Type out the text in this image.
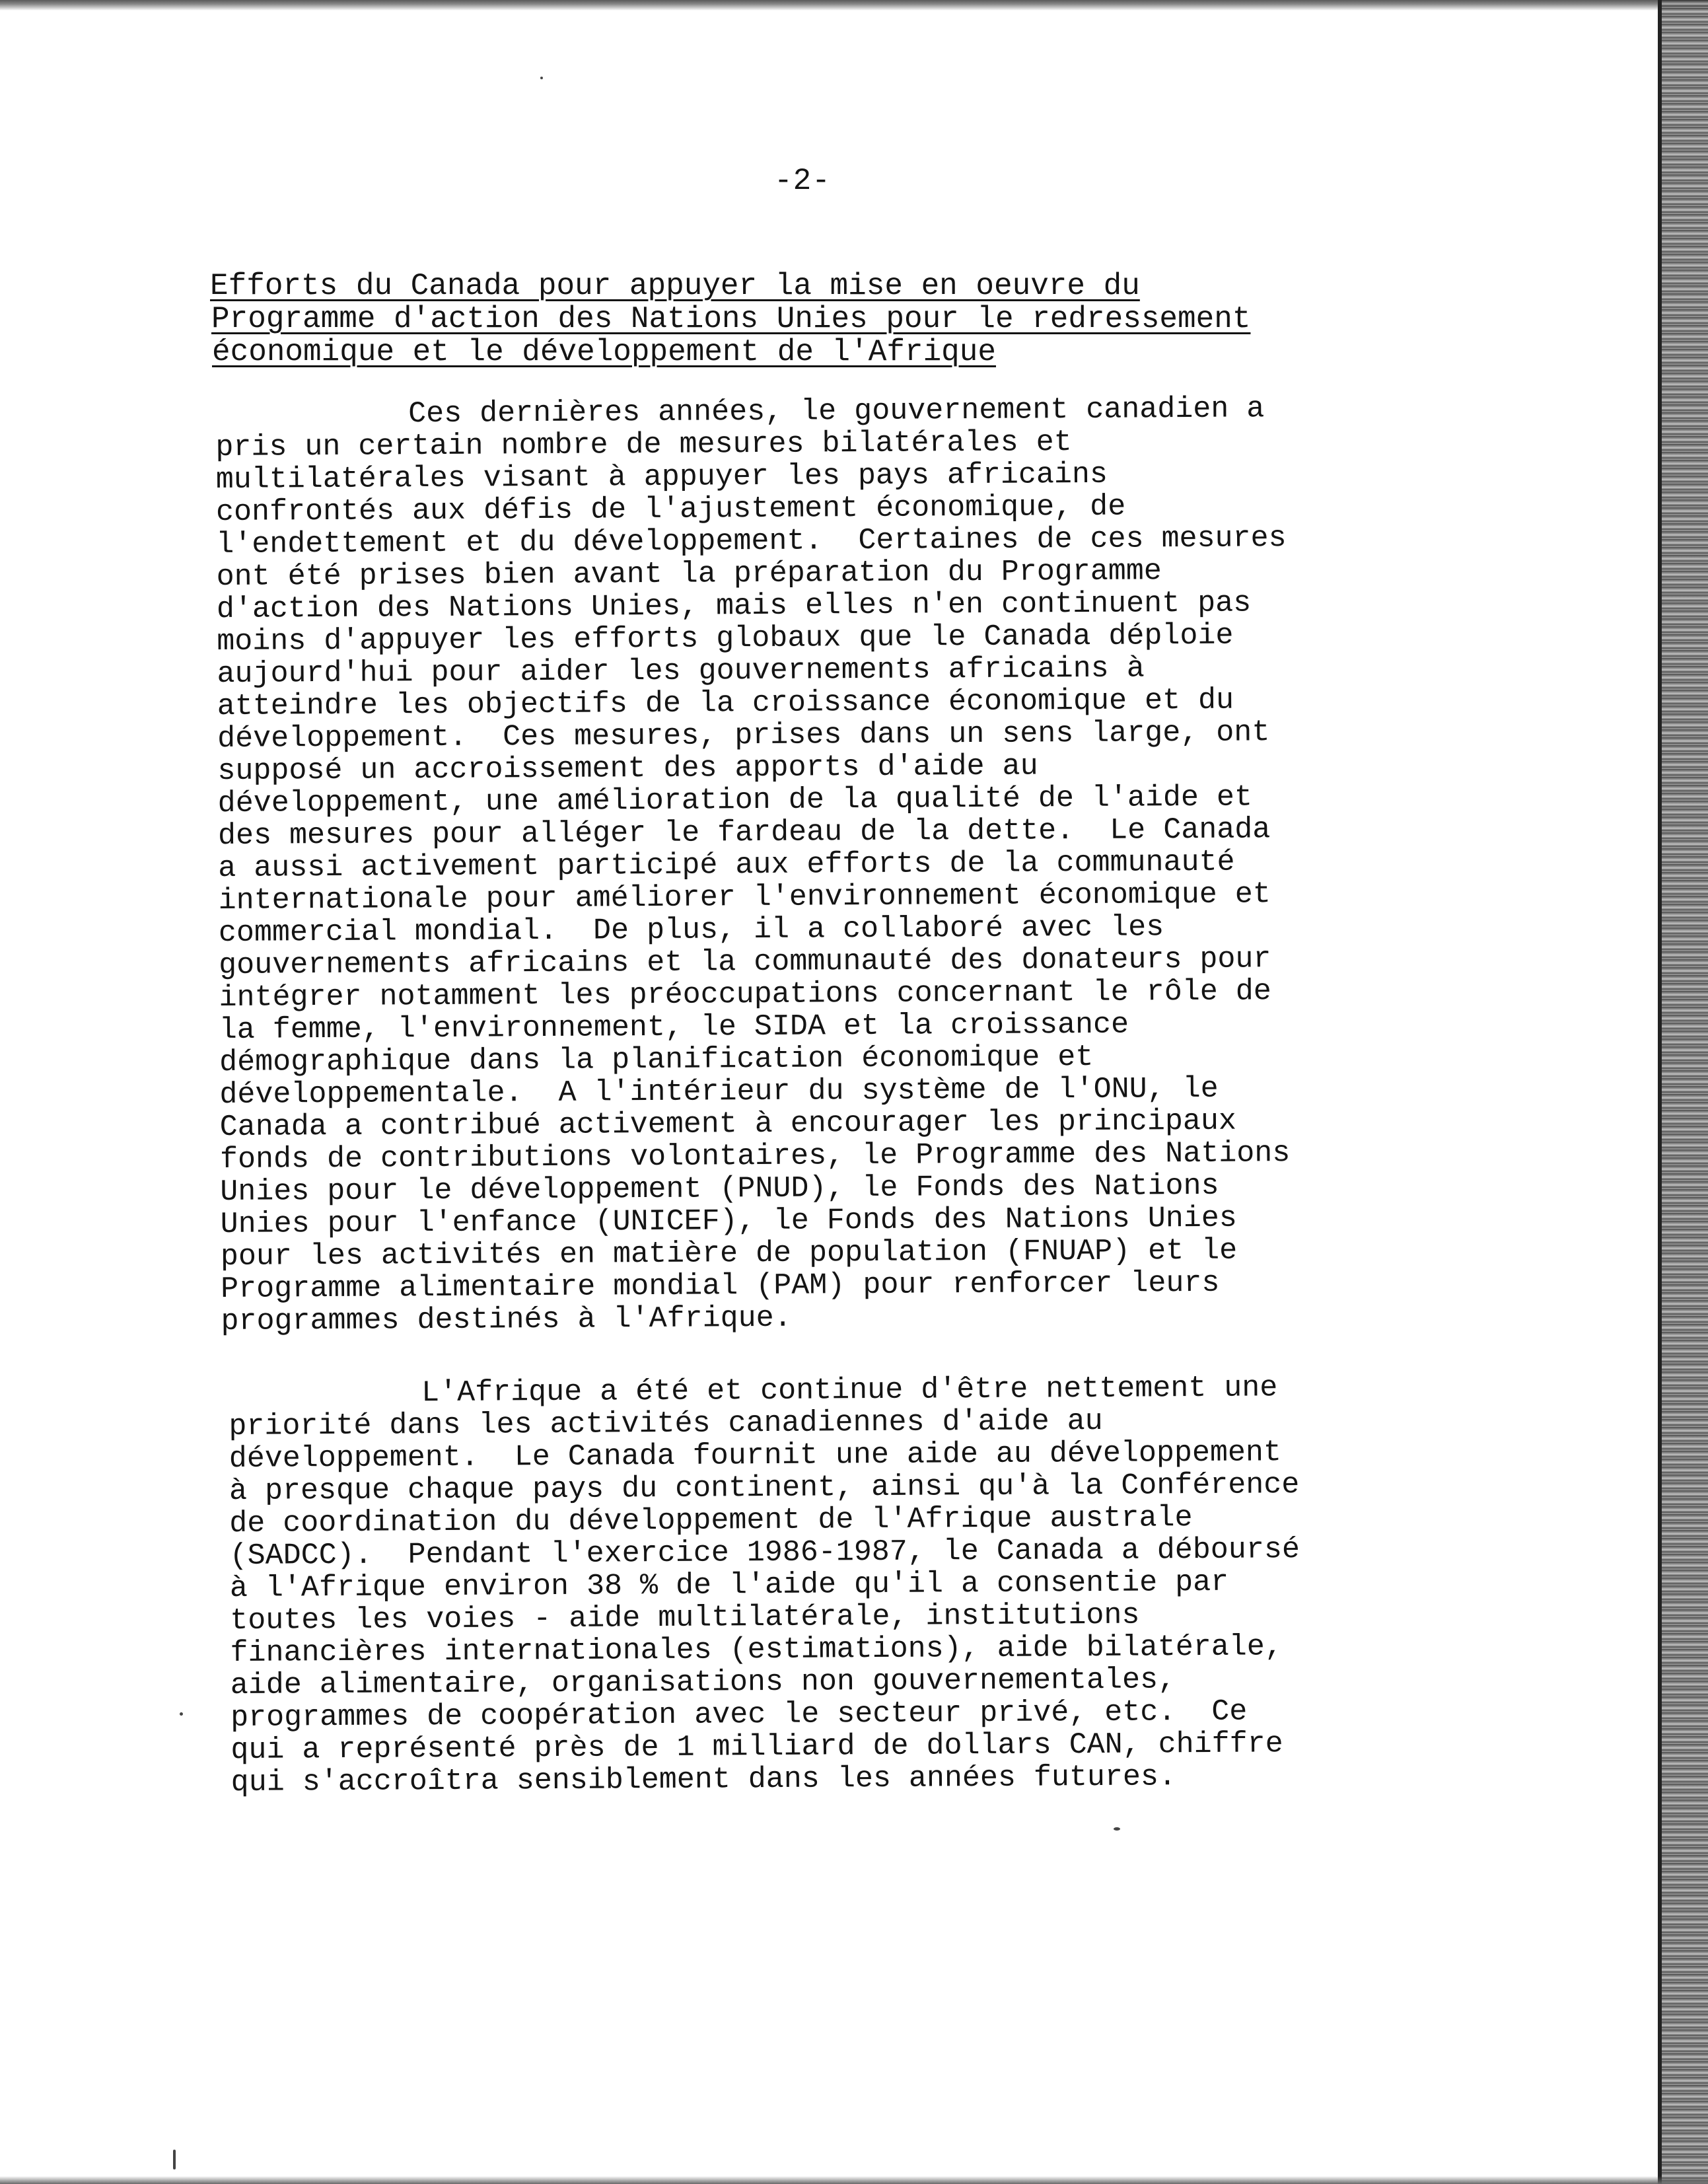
-2-
Efforts du Canada pour appuyer la mise en oeuvre du
Programme d'action des Nations Unies pour le redressement
économique et le développement de l'Afrique
Ces dernières années, le gouvernement canadien a
pris un certain nombre de mesures bilatérales et
multilatérales visant à appuyer les pays africains
confrontés aux défis de l'ajustement économique, de
l'endettement et du développement.  Certaines de ces mesures
ont été prises bien avant la préparation du Programme
d'action des Nations Unies, mais elles n'en continuent pas
moins d'appuyer les efforts globaux que le Canada déploie
aujourd'hui pour aider les gouvernements africains à
atteindre les objectifs de la croissance économique et du
développement.  Ces mesures, prises dans un sens large, ont
supposé un accroissement des apports d'aide au
développement, une amélioration de la qualité de l'aide et
des mesures pour alléger le fardeau de la dette.  Le Canada
a aussi activement participé aux efforts de la communauté
internationale pour améliorer l'environnement économique et
commercial mondial.  De plus, il a collaboré avec les
gouvernements africains et la communauté des donateurs pour
intégrer notamment les préoccupations concernant le rôle de
la femme, l'environnement, le SIDA et la croissance
démographique dans la planification économique et
développementale.  A l'intérieur du système de l'ONU, le
Canada a contribué activement à encourager les principaux
fonds de contributions volontaires, le Programme des Nations
Unies pour le développement (PNUD), le Fonds des Nations
Unies pour l'enfance (UNICEF), le Fonds des Nations Unies
pour les activités en matière de population (FNUAP) et le
Programme alimentaire mondial (PAM) pour renforcer leurs
programmes destinés à l'Afrique.
L'Afrique a été et continue d'être nettement une
priorité dans les activités canadiennes d'aide au
développement.  Le Canada fournit une aide au développement
à presque chaque pays du continent, ainsi qu'à la Conférence
de coordination du développement de l'Afrique australe
(SADCC).  Pendant l'exercice 1986-1987, le Canada a déboursé
à l'Afrique environ 38 % de l'aide qu'il a consentie par
toutes les voies - aide multilatérale, institutions
financières internationales (estimations), aide bilatérale,
aide alimentaire, organisations non gouvernementales,
programmes de coopération avec le secteur privé, etc.  Ce
qui a représenté près de 1 milliard de dollars CAN, chiffre
qui s'accroîtra sensiblement dans les années futures.
